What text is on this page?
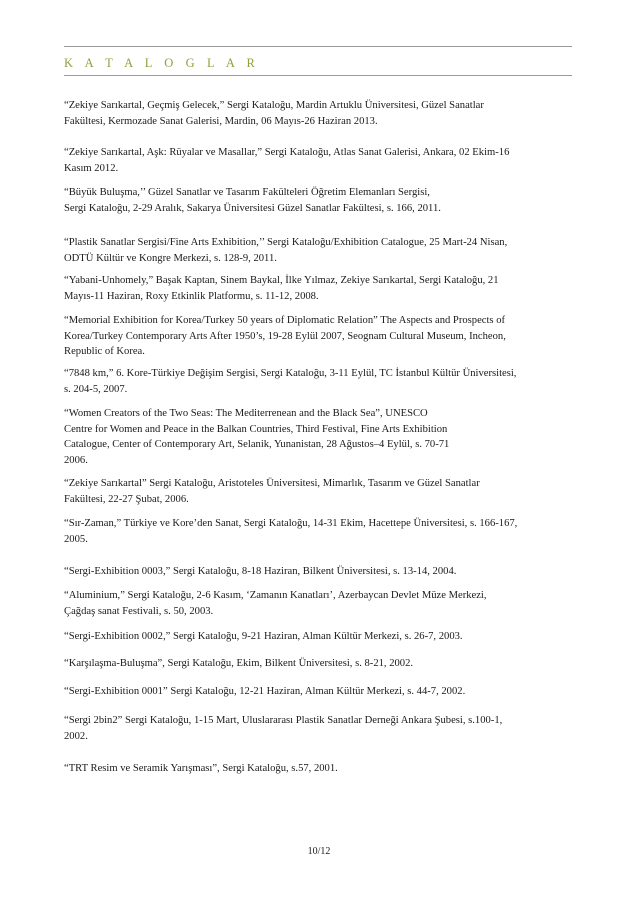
K A T A L O G L A R
“Zekiye Sarıkartal, Geçmiş Gelecek,” Sergi Kataloğu, Mardin Artuklu Üniversitesi, Güzel Sanatlar
Fakültesi, Kermozade Sanat Galerisi, Mardin, 06 Mayıs-26 Haziran 2013.
“Zekiye Sarıkartal, Aşk: Rüyalar ve Masallar,” Sergi Kataloğu, Atlas Sanat Galerisi, Ankara, 02 Ekim-16
Kasım 2012.
“Büyük Buluşma,’’ Güzel Sanatlar ve Tasarım Fakülteleri Öğretim Elemanları Sergisi,
Sergi Kataloğu, 2-29 Aralık, Sakarya Üniversitesi Güzel Sanatlar Fakültesi, s. 166, 2011.
“Plastik Sanatlar Sergisi/Fine Arts Exhibition,’’ Sergi Kataloğu/Exhibition Catalogue, 25 Mart-24 Nisan,
ODTÜ Kültür ve Kongre Merkezi, s. 128-9, 2011.
“Yabani-Unhomely,” Başak Kaptan, Sinem Baykal, İlke Yılmaz, Zekiye Sarıkartal, Sergi Kataloğu, 21
Mayıs-11 Haziran, Roxy Etkinlik Platformu, s. 11-12, 2008.
“Memorial Exhibition for Korea/Turkey 50 years of Diplomatic Relation” The Aspects and Prospects of
Korea/Turkey Contemporary Arts After 1950’s, 19-28 Eylül 2007, Seognam Cultural Museum, Incheon,
Republic of Korea.
“7848 km,” 6. Kore-Türkiye Değişim Sergisi, Sergi Kataloğu, 3-11 Eylül, TC İstanbul Kültür Üniversitesi,
s. 204-5, 2007.
“Women Creators of the Two Seas: The Mediterrenean and the Black Sea”, UNESCO
Centre for Women and Peace in the Balkan Countries, Third Festival, Fine Arts Exhibition
Catalogue, Center of Contemporary Art, Selanik, Yunanistan, 28 Ağustos–4 Eylül, s. 70-71
2006.
“Zekiye Sarıkartal” Sergi Kataloğu, Aristoteles Üniversitesi, Mimarlık, Tasarım ve Güzel Sanatlar
Fakültesi, 22-27 Şubat, 2006.
“Sır-Zaman,” Türkiye ve Kore’den Sanat, Sergi Kataloğu, 14-31 Ekim, Hacettepe Üniversitesi, s. 166-167,
2005.
“Sergi-Exhibition 0003,” Sergi Kataloğu, 8-18 Haziran, Bilkent Üniversitesi, s. 13-14, 2004.
“Aluminium,” Sergi Kataloğu, 2-6 Kasım, ‘Zamanın Kanatları’, Azerbaycan Devlet Müze Merkezi,
Çağdaş sanat Festivali, s. 50, 2003.
“Sergi-Exhibition 0002,” Sergi Kataloğu, 9-21 Haziran, Alman Kültür Merkezi, s. 26-7, 2003.
“Karşılaşma-Buluşma”, Sergi Kataloğu, Ekim, Bilkent Üniversitesi, s. 8-21, 2002.
“Sergi-Exhibition 0001” Sergi Kataloğu, 12-21 Haziran, Alman Kültür Merkezi, s. 44-7, 2002.
“Sergi 2bin2” Sergi Kataloğu, 1-15 Mart, Uluslararası Plastik Sanatlar Derneği Ankara Şubesi, s.100-1,
2002.
“TRT Resim ve Seramik Yarışması”, Sergi Kataloğu, s.57, 2001.
10/12
